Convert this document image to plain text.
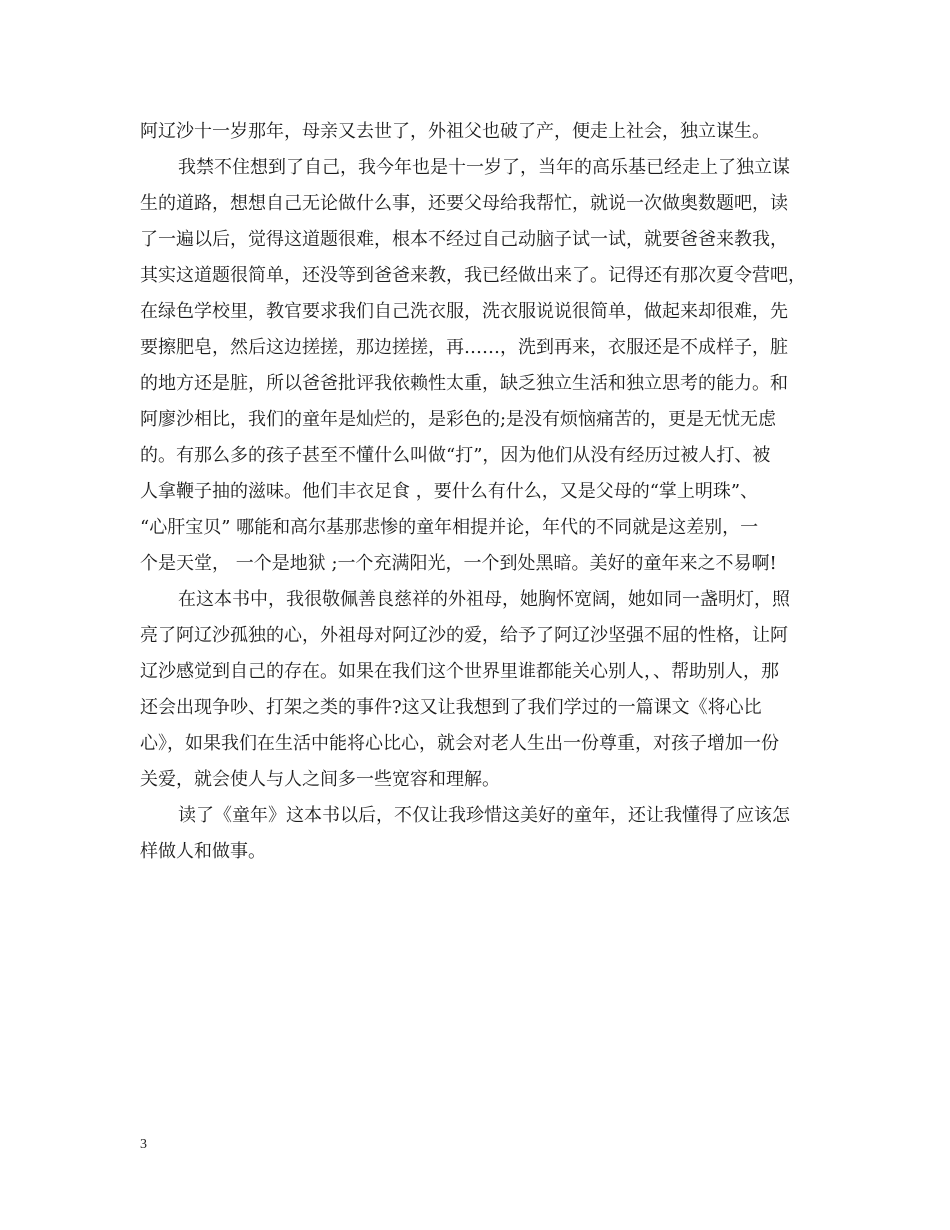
阿辽沙十一岁那年，母亲又去世了，外祖父也破了产，便走上社会，独立谋生。
我禁不住想到了自己，我今年也是十一岁了，当年的高乐基已经走上了独立谋
生的道路，想想自己无论做什么事，还要父母给我帮忙，就说一次做奥数题吧，读
了一遍以后，觉得这道题很难，根本不经过自己动脑子试一试，就要爸爸来教我，
其实这道题很简单，还没等到爸爸来教，我已经做出来了。记得还有那次夏令营吧，
在绿色学校里，教官要求我们自己洗衣服，洗衣服说说很简单，做起来却很难，先
要擦肥皂，然后这边搓搓，那边搓搓，再……，洗到再来，衣服还是不成样子，脏
的地方还是脏，所以爸爸批评我依赖性太重，缺乏独立生活和独立思考的能力。和
阿廖沙相比，我们的童年是灿烂的，是彩色的;是没有烦恼痛苦的，更是无忧无虑
的。有那么多的孩子甚至不懂什么叫做“打”，因为他们从没有经历过被人打、被
人拿鞭子抽的滋味。他们丰衣足食 ，要什么有什么，又是父母的“掌上明珠”、
“心肝宝贝” 哪能和高尔基那悲惨的童年相提并论，年代的不同就是这差别，一
个是天堂， 一个是地狱 ;一个充满阳光，一个到处黑暗。美好的童年来之不易啊!
在这本书中，我很敬佩善良慈祥的外祖母，她胸怀宽阔，她如同一盏明灯，照
亮了阿辽沙孤独的心，外祖母对阿辽沙的爱，给予了阿辽沙坚强不屈的性格，让阿
辽沙感觉到自己的存在。如果在我们这个世界里谁都能关心别人，、帮助别人，那
还会出现争吵、打架之类的事件?这又让我想到了我们学过的一篇课文《将心比
心》，如果我们在生活中能将心比心，就会对老人生出一份尊重，对孩子增加一份
关爱，就会使人与人之间多一些宽容和理解。
读了《童年》这本书以后，不仅让我珍惜这美好的童年，还让我懂得了应该怎
样做人和做事。
3
